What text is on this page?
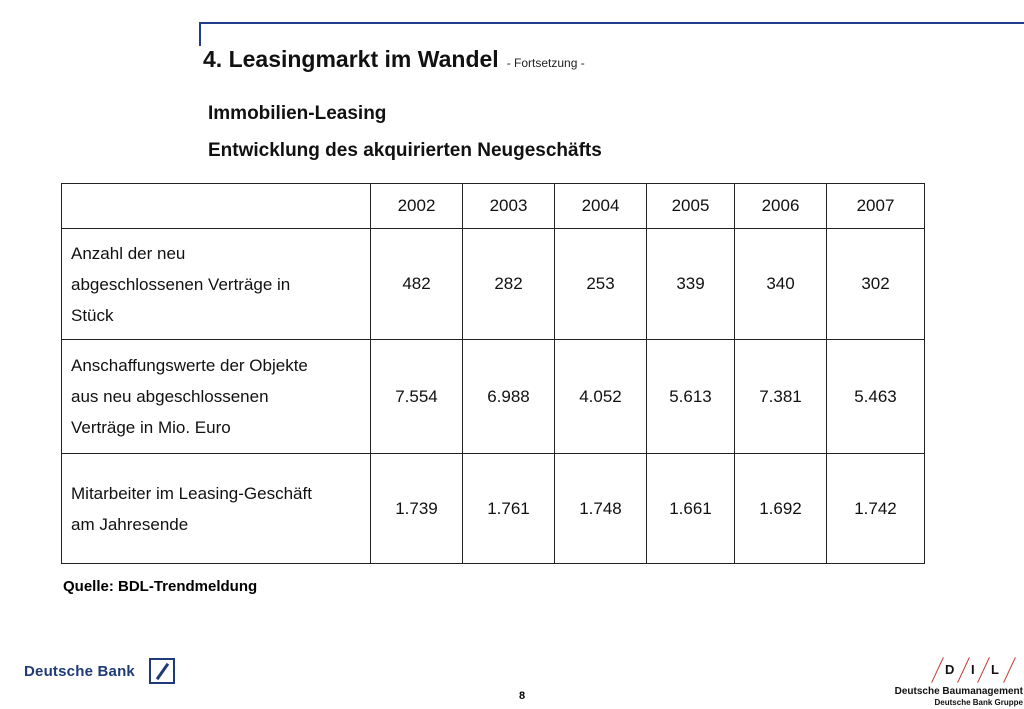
4. Leasingmarkt im Wandel - Fortsetzung -
Immobilien-Leasing
Entwicklung des akquirierten Neugeschäfts
	2002	2003	2004	2005	2006	2007

Anzahl der neu
abgeschlossenen Verträge in
Stück	482	282	253	339	340	302

Anschaffungswerte der Objekte
aus neu abgeschlossenen
Verträge in Mio. Euro	7.554	6.988	4.052	5.613	7.381	5.463

Mitarbeiter im Leasing-Geschäft
am Jahresende	1.739	1.761	1.748	1.661	1.692	1.742
Quelle: BDL-Trendmeldung
Deutsche Bank
8
D I L
Deutsche Baumanagement
Deutsche Bank Gruppe
